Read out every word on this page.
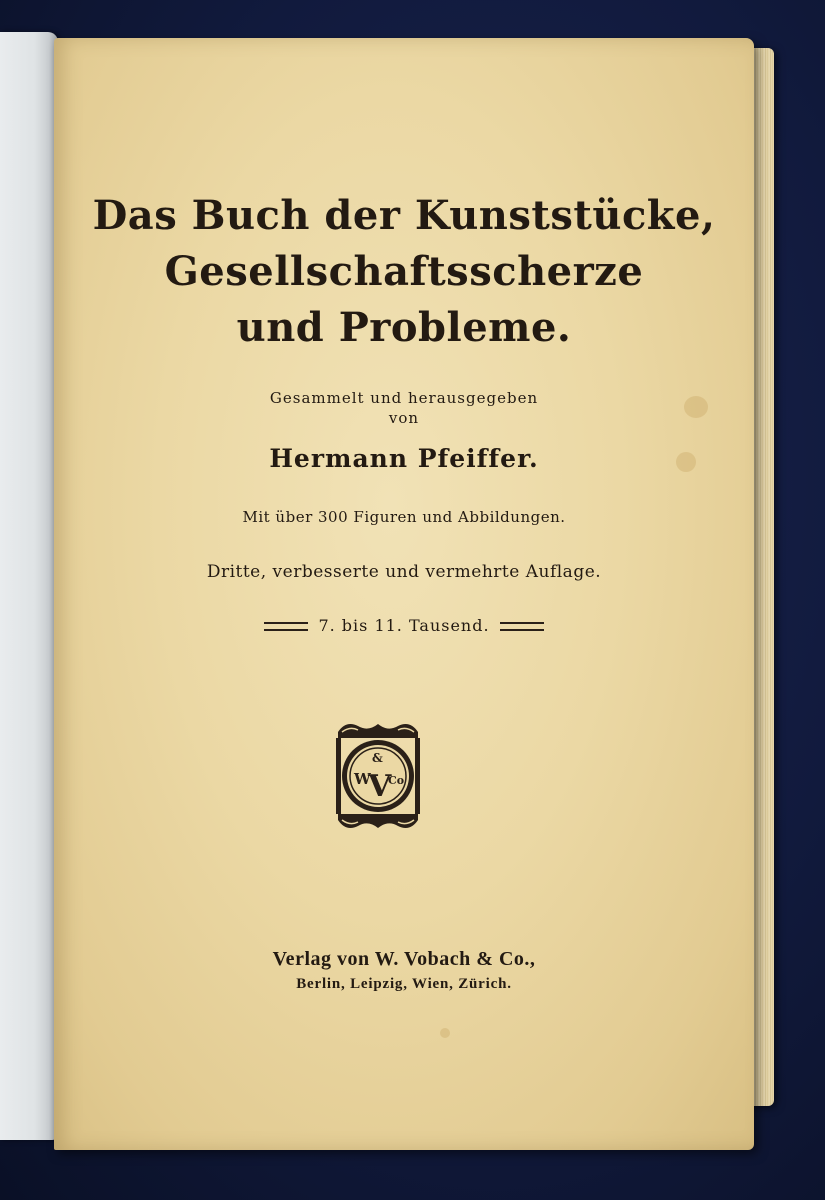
Das Buch der Kunststücke,
Gesellschaftsscherze
und Probleme.
Gesammelt und herausgegeben
von
Hermann Pfeiffer.
Mit über 300 Figuren und Abbildungen.
Dritte, verbesserte und vermehrte Auflage.
7. bis 11. Tausend.
W
&
V
Co
Verlag von W. Vobach & Co.,
Berlin, Leipzig, Wien, Zürich.
